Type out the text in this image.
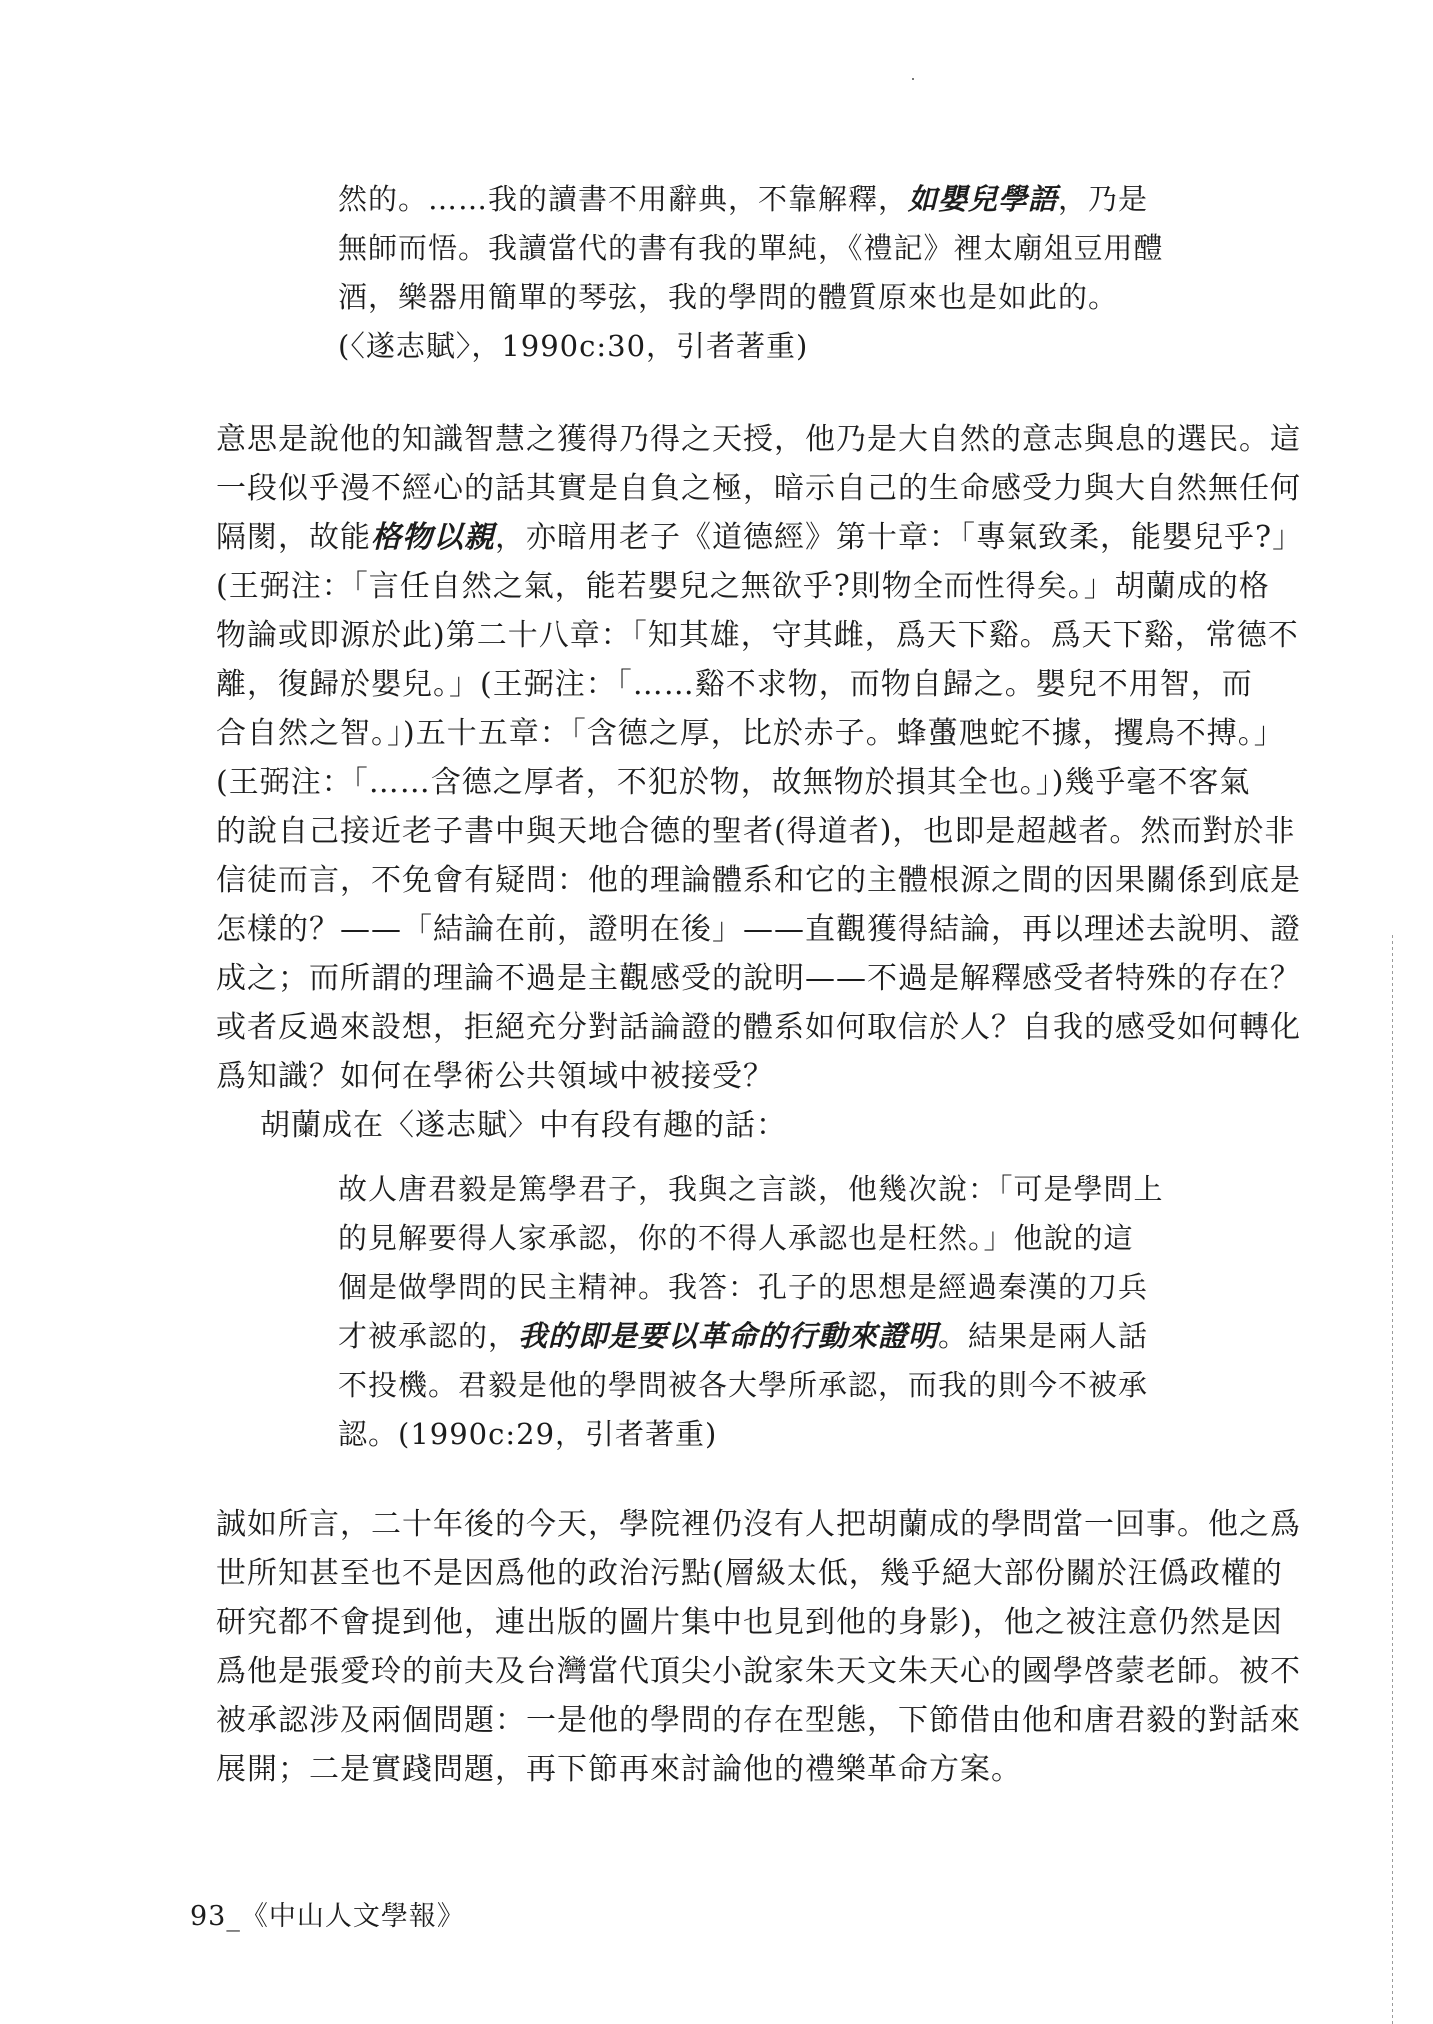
然的。……我的讀書不用辭典，不靠解釋，如嬰兒學語，乃是
無師而悟。我讀當代的書有我的單純，《禮記》裡太廟俎豆用醴
酒，樂器用簡單的琴弦，我的學問的體質原來也是如此的。
(〈遂志賦〉，1990c:30，引者著重)
意思是說他的知識智慧之獲得乃得之天授，他乃是大自然的意志與息的選民。這
一段似乎漫不經心的話其實是自負之極，暗示自己的生命感受力與大自然無任何
隔閡，故能格物以親，亦暗用老子《道德經》第十章：「專氣致柔，能嬰兒乎?」
(王弼注：「言任自然之氣，能若嬰兒之無欲乎?則物全而性得矣。」胡蘭成的格
物論或即源於此)第二十八章：「知其雄，守其雌，爲天下谿。爲天下谿，常德不
離，復歸於嬰兒。」(王弼注：「……谿不求物，而物自歸之。嬰兒不用智，而
合自然之智。」)五十五章：「含德之厚，比於赤子。蜂蠆虺蛇不據，攫鳥不搏。」
(王弼注：「……含德之厚者，不犯於物，故無物於損其全也。」)幾乎毫不客氣
的說自己接近老子書中與天地合德的聖者(得道者)，也即是超越者。然而對於非
信徒而言，不免會有疑問：他的理論體系和它的主體根源之間的因果關係到底是
怎樣的？——「結論在前，證明在後」——直觀獲得結論，再以理述去說明、證
成之；而所謂的理論不過是主觀感受的說明——不過是解釋感受者特殊的存在？
或者反過來設想，拒絕充分對話論證的體系如何取信於人？自我的感受如何轉化
爲知識？如何在學術公共領域中被接受？
胡蘭成在〈遂志賦〉中有段有趣的話：
故人唐君毅是篤學君子，我與之言談，他幾次說：「可是學問上
的見解要得人家承認，你的不得人承認也是枉然。」他說的這
個是做學問的民主精神。我答：孔子的思想是經過秦漢的刀兵
才被承認的，我的即是要以革命的行動來證明。結果是兩人話
不投機。君毅是他的學問被各大學所承認，而我的則今不被承
認。(1990c:29，引者著重)
誠如所言，二十年後的今天，學院裡仍沒有人把胡蘭成的學問當一回事。他之爲
世所知甚至也不是因爲他的政治污點(層級太低，幾乎絕大部份關於汪僞政權的
研究都不會提到他，連出版的圖片集中也見到他的身影)，他之被注意仍然是因
爲他是張愛玲的前夫及台灣當代頂尖小說家朱天文朱天心的國學啓蒙老師。被不
被承認涉及兩個問題：一是他的學問的存在型態，下節借由他和唐君毅的對話來
展開；二是實踐問題，再下節再來討論他的禮樂革命方案。
93_《中山人文學報》
